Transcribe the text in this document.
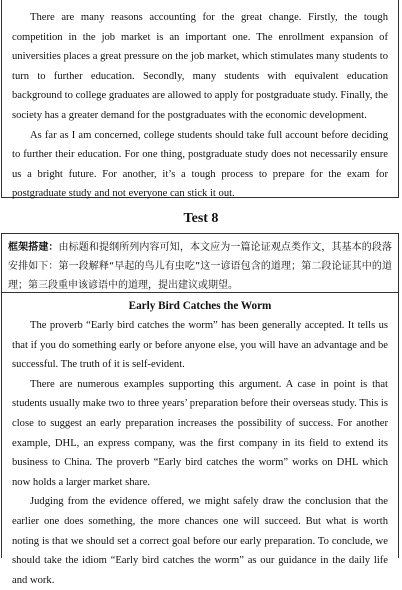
There are many reasons accounting for the great change. Firstly, the tough competition in the job market is an important one. The enrollment expansion of universities places a great pressure on the job market, which stimulates many students to turn to further education. Secondly, many students with equivalent education background to college graduates are allowed to apply for postgraduate study. Finally, the society has a greater demand for the postgraduates with the economic development.

As far as I am concerned, college students should take full account before deciding to further their education. For one thing, postgraduate study does not necessarily ensure us a bright future. For another, it’s a tough process to prepare for the exam for postgraduate study and not everyone can stick it out.

Test 8

框架搭建：由标题和提纲所列内容可知，本文应为一篇论证观点类作文，其基本的段落安排如下：第一段解释“早起的鸟儿有虫吃”这一谚语包含的道理；第二段论证其中的道理；第三段重申该谚语中的道理，提出建议或期望。

Early Bird Catches the Worm

The proverb “Early bird catches the worm” has been generally accepted. It tells us that if you do something early or before anyone else, you will have an advantage and be successful. The truth of it is self-evident.

There are numerous examples supporting this argument. A case in point is that students usually make two to three years’ preparation before their overseas study. This is close to suggest an early preparation increases the possibility of success. For another example, DHL, an express company, was the first company in its field to extend its business to China. The proverb “Early bird catches the worm” works on DHL which now holds a larger market share.

Judging from the evidence offered, we might safely draw the conclusion that the earlier one does something, the more chances one will succeed. But what is worth noting is that we should set a correct goal before our early preparation. To conclude, we should take the idiom “Early bird catches the worm” as our guidance in the daily life and work.
